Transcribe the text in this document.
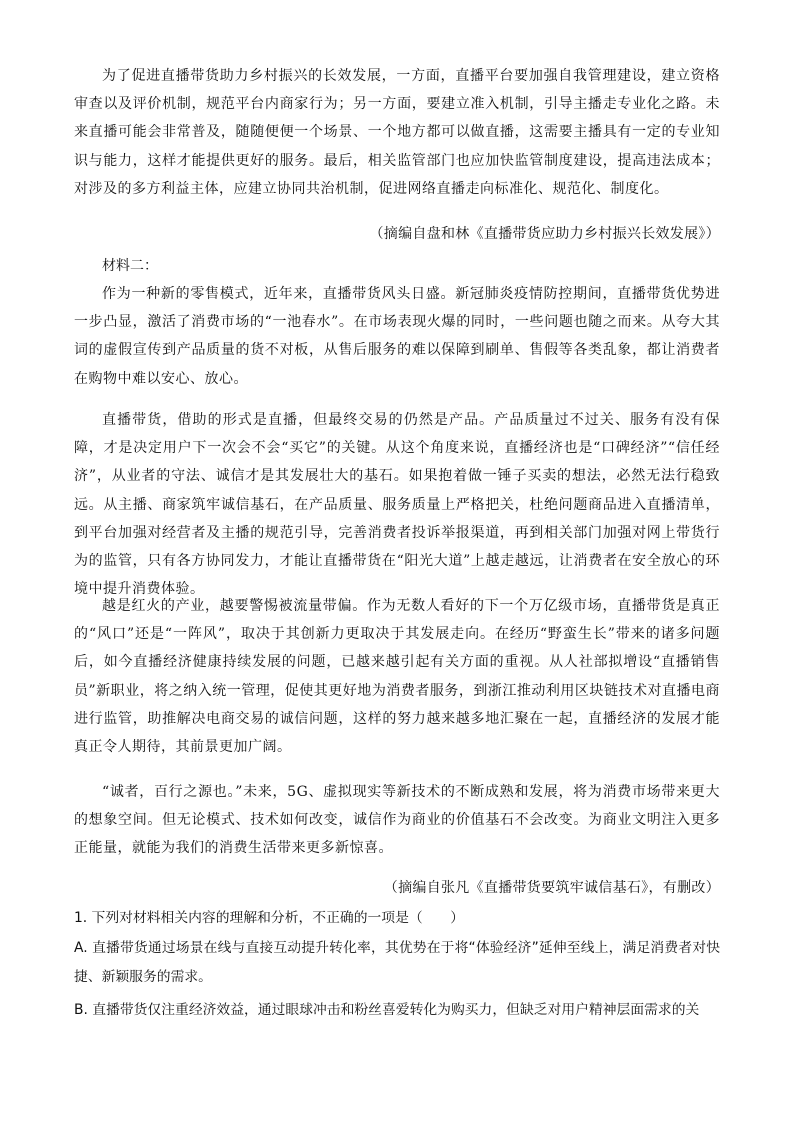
为了促进直播带货助力乡村振兴的长效发展，一方面，直播平台要加强自我管理建设，建立资格审查以及评价机制，规范平台内商家行为；另一方面，要建立准入机制，引导主播走专业化之路。未来直播可能会非常普及，随随便便一个场景、一个地方都可以做直播，这需要主播具有一定的专业知识与能力，这样才能提供更好的服务。最后，相关监管部门也应加快监管制度建设，提高违法成本；对涉及的多方利益主体，应建立协同共治机制，促进网络直播走向标准化、规范化、制度化。

（摘编自盘和林《直播带货应助力乡村振兴长效发展》）

材料二：

作为一种新的零售模式，近年来，直播带货风头日盛。新冠肺炎疫情防控期间，直播带货优势进一步凸显，激活了消费市场的“一池春水”。在市场表现火爆的同时，一些问题也随之而来。从夸大其词的虚假宣传到产品质量的货不对板，从售后服务的难以保障到刷单、售假等各类乱象，都让消费者在购物中难以安心、放心。

直播带货，借助的形式是直播，但最终交易的仍然是产品。产品质量过不过关、服务有没有保障，才是决定用户下一次会不会“买它”的关键。从这个角度来说，直播经济也是“口碑经济”“信任经济”，从业者的守法、诚信才是其发展壮大的基石。如果抱着做一锤子买卖的想法，必然无法行稳致远。从主播、商家筑牢诚信基石，在产品质量、服务质量上严格把关，杜绝问题商品进入直播清单，到平台加强对经营者及主播的规范引导，完善消费者投诉举报渠道，再到相关部门加强对网上带货行为的监管，只有各方协同发力，才能让直播带货在“阳光大道”上越走越远，让消费者在安全放心的环境中提升消费体验。

越是红火的产业，越要警惕被流量带偏。作为无数人看好的下一个万亿级市场，直播带货是真正的“风口”还是“一阵风”，取决于其创新力更取决于其发展走向。在经历“野蛮生长”带来的诸多问题后，如今直播经济健康持续发展的问题，已越来越引起有关方面的重视。从人社部拟增设“直播销售员”新职业，将之纳入统一管理，促使其更好地为消费者服务，到浙江推动利用区块链技术对直播电商进行监管，助推解决电商交易的诚信问题，这样的努力越来越多地汇聚在一起，直播经济的发展才能真正令人期待，其前景更加广阔。

“诚者，百行之源也。”未来，5G、虚拟现实等新技术的不断成熟和发展，将为消费市场带来更大的想象空间。但无论模式、技术如何改变，诚信作为商业的价值基石不会改变。为商业文明注入更多正能量，就能为我们的消费生活带来更多新惊喜。

（摘编自张凡《直播带货要筑牢诚信基石》，有删改）

1. 下列对材料相关内容的理解和分析，不正确的一项是（　　）

A. 直播带货通过场景在线与直接互动提升转化率，其优势在于将“体验经济”延伸至线上，满足消费者对快捷、新颖服务的需求。

B. 直播带货仅注重经济效益，通过眼球冲击和粉丝喜爱转化为购买力，但缺乏对用户精神层面需求的关
